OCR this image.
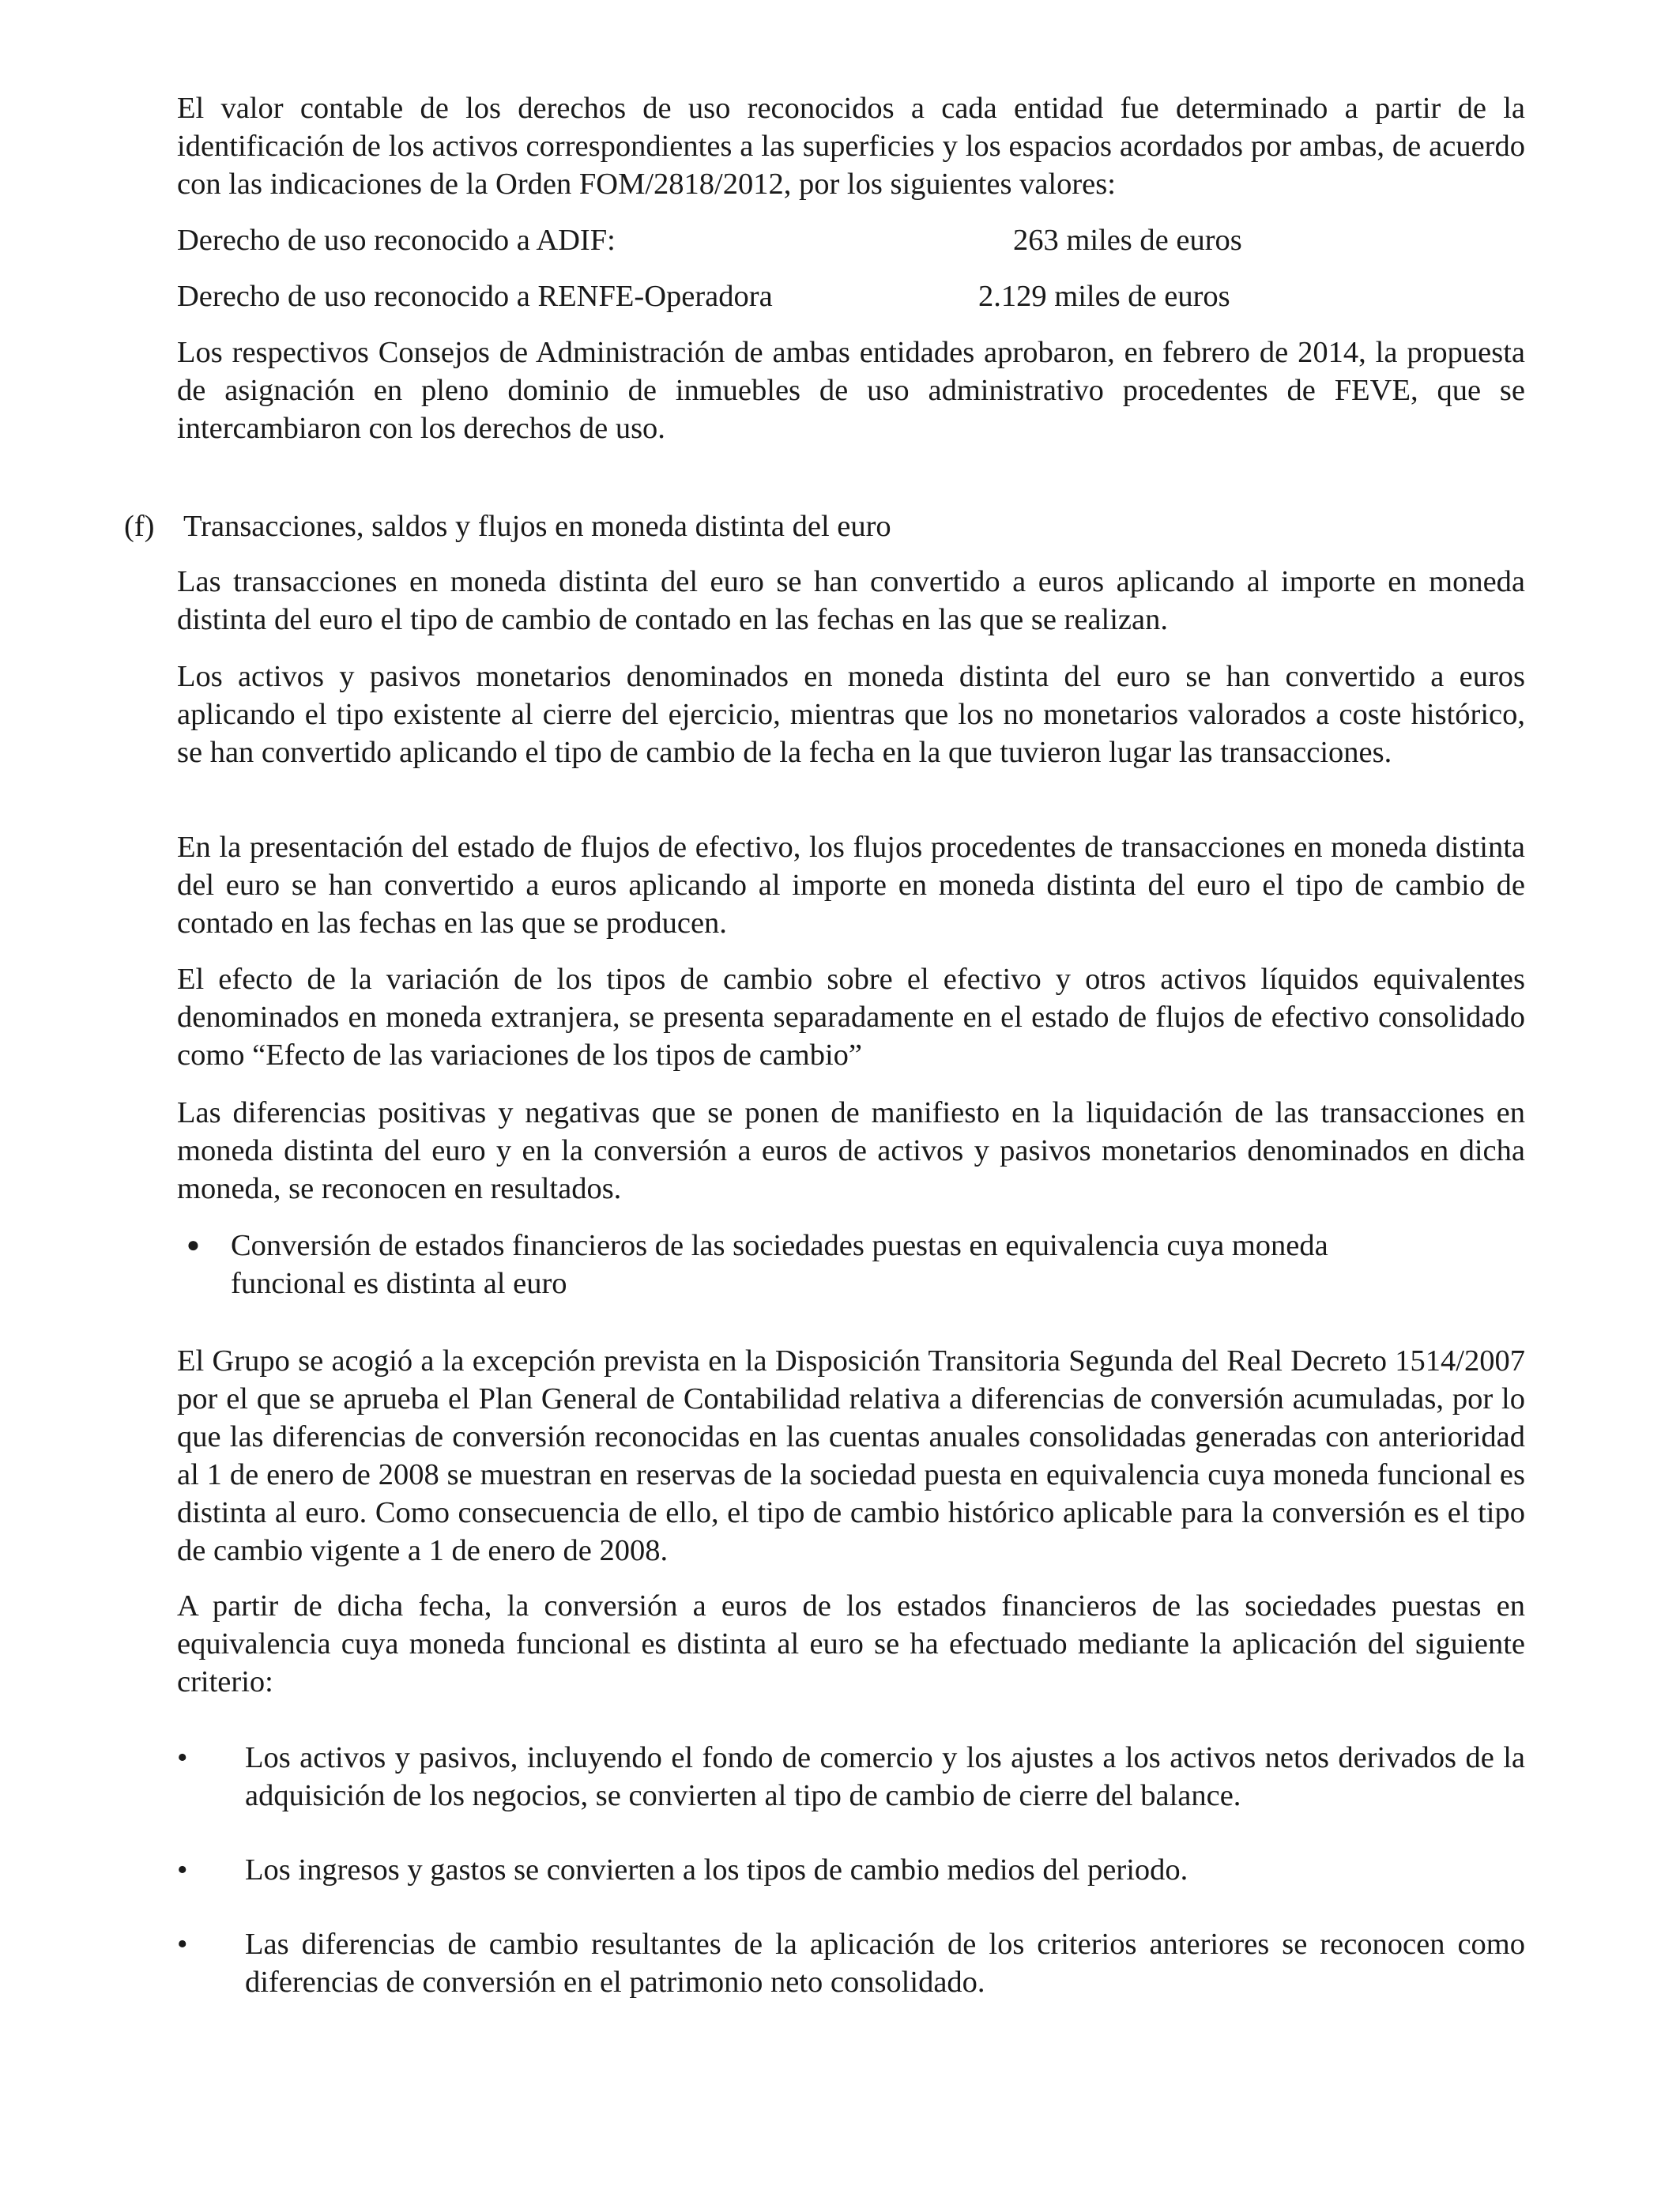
El valor contable de los derechos de uso reconocidos a cada entidad fue determinado a partir de la identificación de los activos correspondientes a las superficies y los espacios acordados por ambas, de acuerdo con las indicaciones de la Orden FOM/2818/2012, por los siguientes valores:

Derecho de uso reconocido a ADIF:	263 miles de euros
Derecho de uso reconocido a RENFE-Operadora	2.129 miles de euros

Los respectivos Consejos de Administración de ambas entidades aprobaron, en febrero de 2014, la propuesta de asignación en pleno dominio de inmuebles de uso administrativo procedentes de FEVE, que se intercambiaron con los derechos de uso.

(f) Transacciones, saldos y flujos en moneda distinta del euro

Las transacciones en moneda distinta del euro se han convertido a euros aplicando al importe en moneda distinta del euro el tipo de cambio de contado en las fechas en las que se realizan.

Los activos y pasivos monetarios denominados en moneda distinta del euro se han convertido a euros aplicando el tipo existente al cierre del ejercicio, mientras que los no monetarios valorados a coste histórico, se han convertido aplicando el tipo de cambio de la fecha en la que tuvieron lugar las transacciones.

En la presentación del estado de flujos de efectivo, los flujos procedentes de transacciones en moneda distinta del euro se han convertido a euros aplicando al importe en moneda distinta del euro el tipo de cambio de contado en las fechas en las que se producen.

El efecto de la variación de los tipos de cambio sobre el efectivo y otros activos líquidos equivalentes denominados en moneda extranjera, se presenta separadamente en el estado de flujos de efectivo consolidado como “Efecto de las variaciones de los tipos de cambio”

Las diferencias positivas y negativas que se ponen de manifiesto en la liquidación de las transacciones en moneda distinta del euro y en la conversión a euros de activos y pasivos monetarios denominados en dicha moneda, se reconocen en resultados.

● Conversión de estados financieros de las sociedades puestas en equivalencia cuya moneda funcional es distinta al euro

El Grupo se acogió a la excepción prevista en la Disposición Transitoria Segunda del Real Decreto 1514/2007 por el que se aprueba el Plan General de Contabilidad relativa a diferencias de conversión acumuladas, por lo que las diferencias de conversión reconocidas en las cuentas anuales consolidadas generadas con anterioridad al 1 de enero de 2008 se muestran en reservas de la sociedad puesta en equivalencia cuya moneda funcional es distinta al euro. Como consecuencia de ello, el tipo de cambio histórico aplicable para la conversión es el tipo de cambio vigente a 1 de enero de 2008.

A partir de dicha fecha, la conversión a euros de los estados financieros de las sociedades puestas en equivalencia cuya moneda funcional es distinta al euro se ha efectuado mediante la aplicación del siguiente criterio:

• Los activos y pasivos, incluyendo el fondo de comercio y los ajustes a los activos netos derivados de la adquisición de los negocios, se convierten al tipo de cambio de cierre del balance.
• Los ingresos y gastos se convierten a los tipos de cambio medios del periodo.
• Las diferencias de cambio resultantes de la aplicación de los criterios anteriores se reconocen como diferencias de conversión en el patrimonio neto consolidado.
